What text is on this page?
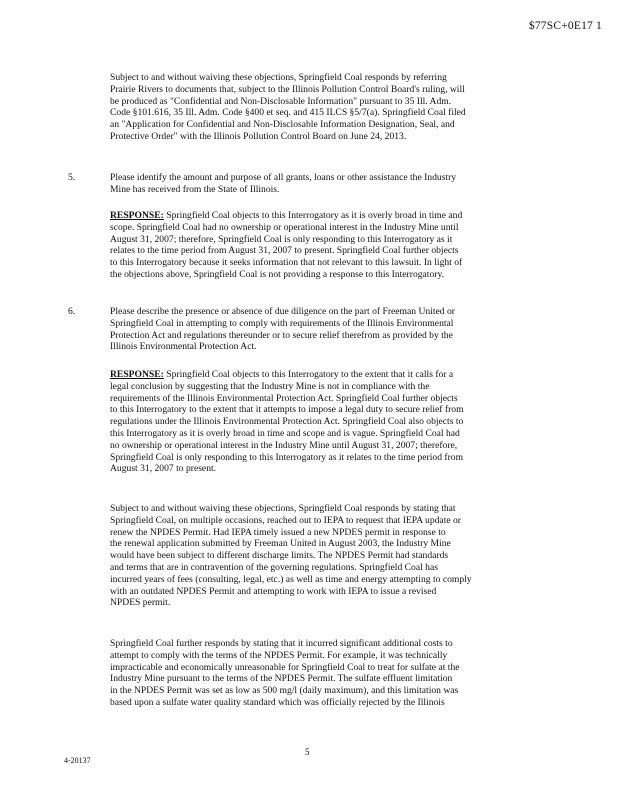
$77SC+0E17 1
Subject to and without waiving these objections, Springfield Coal responds by referring
Prairie Rivers to documents that, subject to the Illinois Pollution Control Board's ruling, will
be produced as "Confidential and Non-Disclosable Information" pursuant to 35 Ill. Adm.
Code §101.616, 35 Ill. Adm. Code §400 et seq. and 415 ILCS §5/7(a). Springfield Coal filed
an "Application for Confidential and Non-Disclosable Information Designation, Seal, and
Protective Order" with the Illinois Pollution Control Board on June 24, 2013.
5.	Please identify the amount and purpose of all grants, loans or other assistance the Industry
Mine has received from the State of Illinois.
RESPONSE: Springfield Coal objects to this Interrogatory as it is overly broad in time and
scope. Springfield Coal had no ownership or operational interest in the Industry Mine until
August 31, 2007; therefore, Springfield Coal is only responding to this Interrogatory as it
relates to the time period from August 31, 2007 to present. Springfield Coal further objects
to this Interrogatory because it seeks information that not relevant to this lawsuit. In light of
the objections above, Springfield Coal is not providing a response to this Interrogatory.
6.	Please describe the presence or absence of due diligence on the part of Freeman United or
Springfield Coal in attempting to comply with requirements of the Illinois Environmental
Protection Act and regulations thereunder or to secure relief therefrom as provided by the
Illinois Environmental Protection Act.
RESPONSE: Springfield Coal objects to this Interrogatory to the extent that it calls for a
legal conclusion by suggesting that the Industry Mine is not in compliance with the
requirements of the Illinois Environmental Protection Act. Springfield Coal further objects
to this Interrogatory to the extent that it attempts to impose a legal duty to secure relief from
regulations under the Illinois Environmental Protection Act. Springfield Coal also objects to
this Interrogatory as it is overly broad in time and scope and is vague. Springfield Coal had
no ownership or operational interest in the Industry Mine until August 31, 2007; therefore,
Springfield Coal is only responding to this Interrogatory as it relates to the time period from
August 31, 2007 to present.
Subject to and without waiving these objections, Springfield Coal responds by stating that
Springfield Coal, on multiple occasions, reached out to IEPA to request that IEPA update or
renew the NPDES Permit. Had IEPA timely issued a new NPDES permit in response to
the renewal application submitted by Freeman United in August 2003, the Industry Mine
would have been subject to different discharge limits. The NPDES Permit had standards
and terms that are in contravention of the governing regulations. Springfield Coal has
incurred years of fees (consulting, legal, etc.) as well as time and energy attempting to comply
with an outdated NPDES Permit and attempting to work with IEPA to issue a revised
NPDES permit.
Springfield Coal further responds by stating that it incurred significant additional costs to
attempt to comply with the terms of the NPDES Permit. For example, it was technically
impracticable and economically unreasonable for Springfield Coal to treat for sulfate at the
Industry Mine pursuant to the terms of the NPDES Permit. The sulfate effluent limitation
in the NPDES Permit was set as low as 500 mg/l (daily maximum), and this limitation was
based upon a sulfate water quality standard which was officially rejected by the Illinois
5
4-20137
